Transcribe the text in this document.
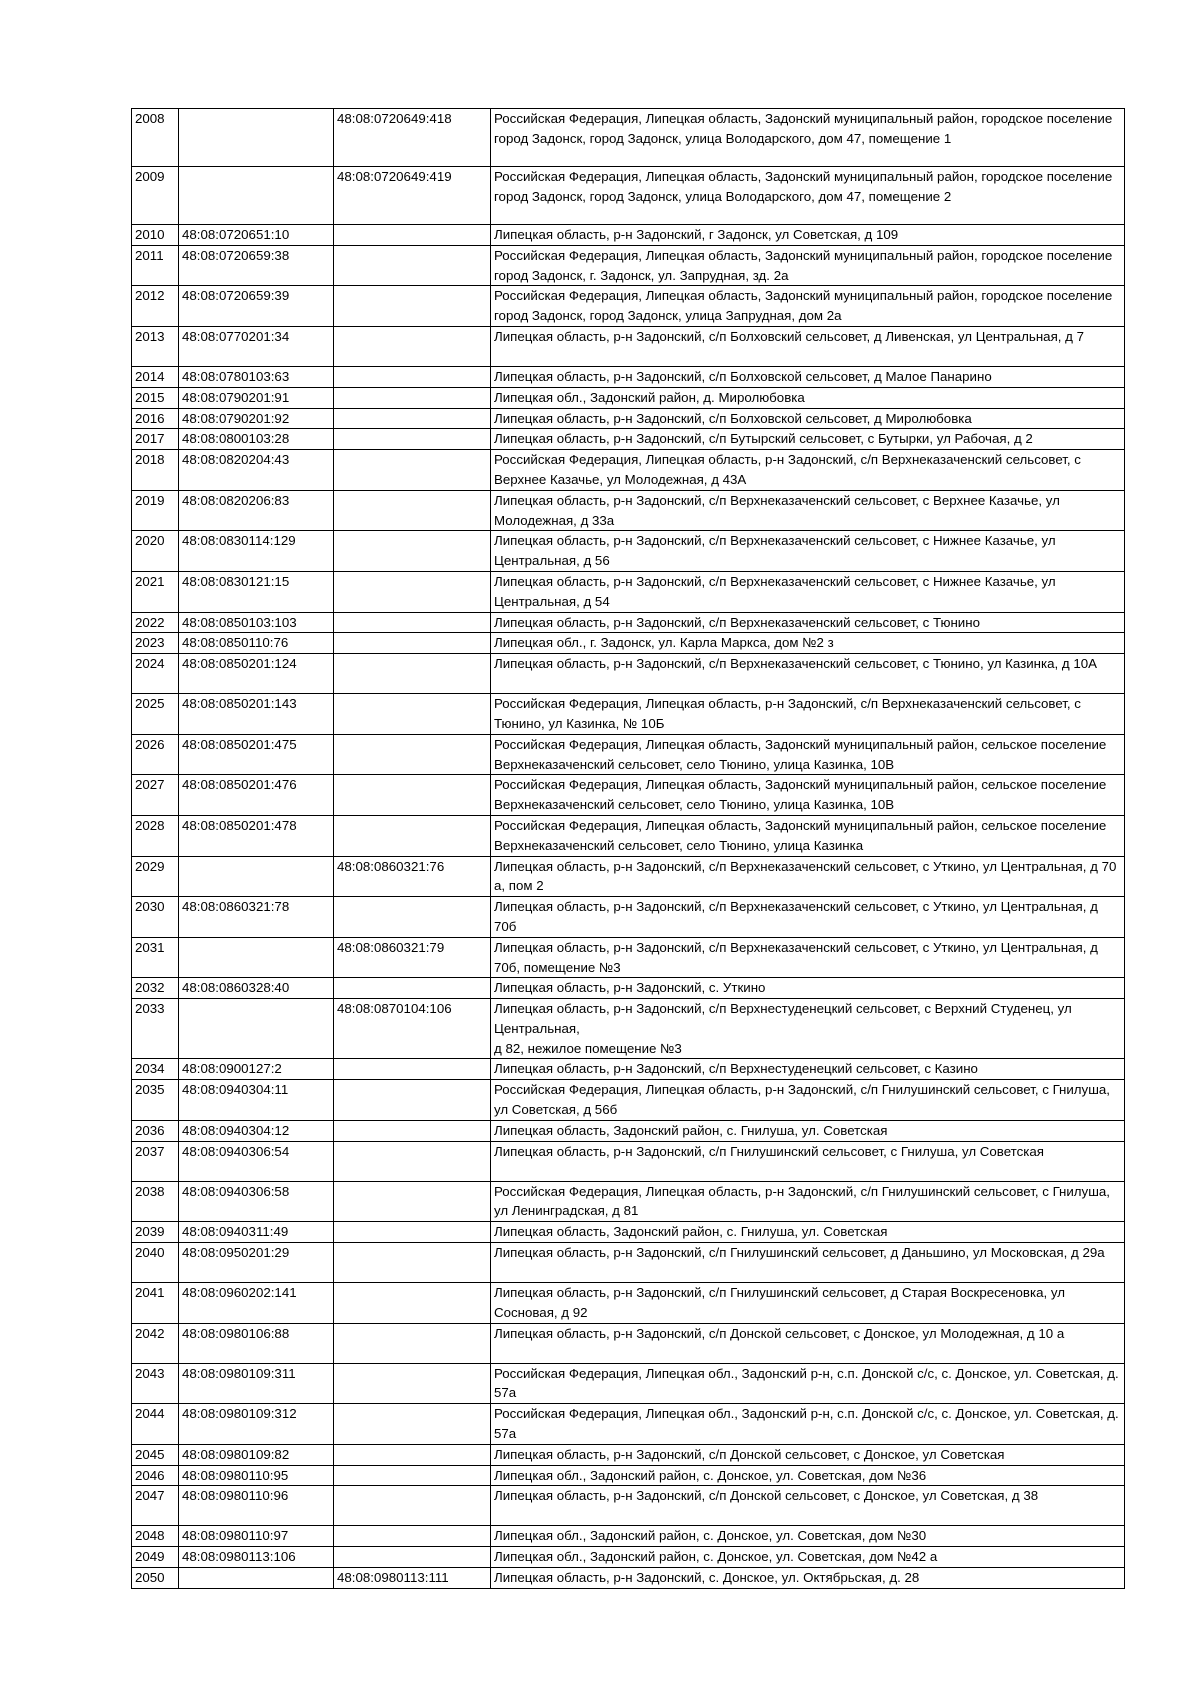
2008		48:08:0720649:418	Российская Федерация, Липецкая область, Задонский муниципальный район, городское поселение город Задонск, город Задонск, улица Володарского, дом 47, помещение 1
2009		48:08:0720649:419	Российская Федерация, Липецкая область, Задонский муниципальный район, городское поселение город Задонск, город Задонск, улица Володарского, дом 47, помещение 2
2010	48:08:0720651:10		Липецкая область, р-н Задонский, г Задонск, ул Советская, д 109
2011	48:08:0720659:38		Российская Федерация, Липецкая область, Задонский муниципальный район, городское поселение город Задонск, г. Задонск, ул. Запрудная, зд. 2а
2012	48:08:0720659:39		Российская Федерация, Липецкая область, Задонский муниципальный район, городское поселение город Задонск, город Задонск, улица Запрудная, дом 2а
2013	48:08:0770201:34		Липецкая область, р-н Задонский, с/п Болховский сельсовет, д Ливенская, ул Центральная, д 7
2014	48:08:0780103:63		Липецкая область, р-н Задонский, с/п Болховской сельсовет, д Малое Панарино
2015	48:08:0790201:91		Липецкая обл., Задонский район, д. Миролюбовка
2016	48:08:0790201:92		Липецкая область, р-н Задонский, с/п Болховской сельсовет, д Миролюбовка
2017	48:08:0800103:28		Липецкая область, р-н Задонский, с/п Бутырский сельсовет, с Бутырки, ул Рабочая, д 2
2018	48:08:0820204:43		Российская Федерация, Липецкая область, р-н Задонский, с/п Верхнеказаченский сельсовет, с Верхнее Казачье, ул Молодежная, д 43А
2019	48:08:0820206:83		Липецкая область, р-н Задонский, с/п Верхнеказаченский сельсовет, с Верхнее Казачье, ул Молодежная, д 33а
2020	48:08:0830114:129		Липецкая область, р-н Задонский, с/п Верхнеказаченский сельсовет, с Нижнее Казачье, ул Центральная, д 56
2021	48:08:0830121:15		Липецкая область, р-н Задонский, с/п Верхнеказаченский сельсовет, с Нижнее Казачье, ул Центральная, д 54
2022	48:08:0850103:103		Липецкая область, р-н Задонский, с/п Верхнеказаченский сельсовет, с Тюнино
2023	48:08:0850110:76		Липецкая обл., г. Задонск, ул. Карла Маркса, дом №2 з
2024	48:08:0850201:124		Липецкая область, р-н Задонский, с/п Верхнеказаченский сельсовет, с Тюнино, ул Казинка, д 10А
2025	48:08:0850201:143		Российская Федерация, Липецкая область, р-н Задонский, с/п Верхнеказаченский сельсовет, с Тюнино, ул Казинка, № 10Б
2026	48:08:0850201:475		Российская Федерация, Липецкая область, Задонский муниципальный район, сельское поселение Верхнеказаченский сельсовет, село Тюнино, улица Казинка, 10В
2027	48:08:0850201:476		Российская Федерация, Липецкая область, Задонский муниципальный район, сельское поселение Верхнеказаченский сельсовет, село Тюнино, улица Казинка, 10В
2028	48:08:0850201:478		Российская Федерация, Липецкая область, Задонский муниципальный район, сельское поселение Верхнеказаченский сельсовет, село Тюнино, улица Казинка
2029		48:08:0860321:76	Липецкая область, р-н Задонский, с/п Верхнеказаченский сельсовет, с Уткино, ул Центральная, д 70 а, пом 2
2030	48:08:0860321:78		Липецкая область, р-н Задонский, с/п Верхнеказаченский сельсовет, с Уткино, ул Центральная, д 70б
2031		48:08:0860321:79	Липецкая область, р-н Задонский, с/п Верхнеказаченский сельсовет, с Уткино, ул Центральная, д 70б, помещение №3
2032	48:08:0860328:40		Липецкая область, р-н Задонский, с. Уткино
2033		48:08:0870104:106	Липецкая область, р-н Задонский, с/п Верхнестуденецкий сельсовет, с Верхний Студенец, ул Центральная,
д 82, нежилое помещение №3
2034	48:08:0900127:2		Липецкая область, р-н Задонский, с/п Верхнестуденецкий сельсовет, с Казино
2035	48:08:0940304:11		Российская Федерация, Липецкая область, р-н Задонский, с/п Гнилушинский сельсовет, с Гнилуша, ул Советская, д 56б
2036	48:08:0940304:12		Липецкая область, Задонский район, с. Гнилуша, ул. Советская
2037	48:08:0940306:54		Липецкая область, р-н Задонский, с/п Гнилушинский сельсовет, с Гнилуша, ул Советская
2038	48:08:0940306:58		Российская Федерация, Липецкая область, р-н Задонский, с/п Гнилушинский сельсовет, с Гнилуша, ул Ленинградская, д 81
2039	48:08:0940311:49		Липецкая область, Задонский район, с. Гнилуша, ул. Советская
2040	48:08:0950201:29		Липецкая область, р-н Задонский, с/п Гнилушинский сельсовет, д Даньшино, ул Московская, д 29а
2041	48:08:0960202:141		Липецкая область, р-н Задонский, с/п Гнилушинский сельсовет, д Старая Воскресеновка, ул Сосновая, д 92
2042	48:08:0980106:88		Липецкая область, р-н Задонский, с/п Донской сельсовет, с Донское, ул Молодежная, д 10 а
2043	48:08:0980109:311		Российская Федерация, Липецкая обл., Задонский р-н, с.п. Донской с/с, с. Донское, ул. Советская, д. 57а
2044	48:08:0980109:312		Российская Федерация, Липецкая обл., Задонский р-н, с.п. Донской с/с, с. Донское, ул. Советская, д. 57а
2045	48:08:0980109:82		Липецкая область, р-н Задонский, с/п Донской сельсовет, с Донское, ул Советская
2046	48:08:0980110:95		Липецкая обл., Задонский район, с. Донское, ул. Советская, дом №36
2047	48:08:0980110:96		Липецкая область, р-н Задонский, с/п Донской сельсовет, с Донское, ул Советская, д 38
2048	48:08:0980110:97		Липецкая обл., Задонский район, с. Донское, ул. Советская, дом №30
2049	48:08:0980113:106		Липецкая обл., Задонский район, с. Донское, ул. Советская, дом №42 а
2050		48:08:0980113:111	Липецкая область, р-н Задонский, с. Донское, ул. Октябрьская, д. 28
